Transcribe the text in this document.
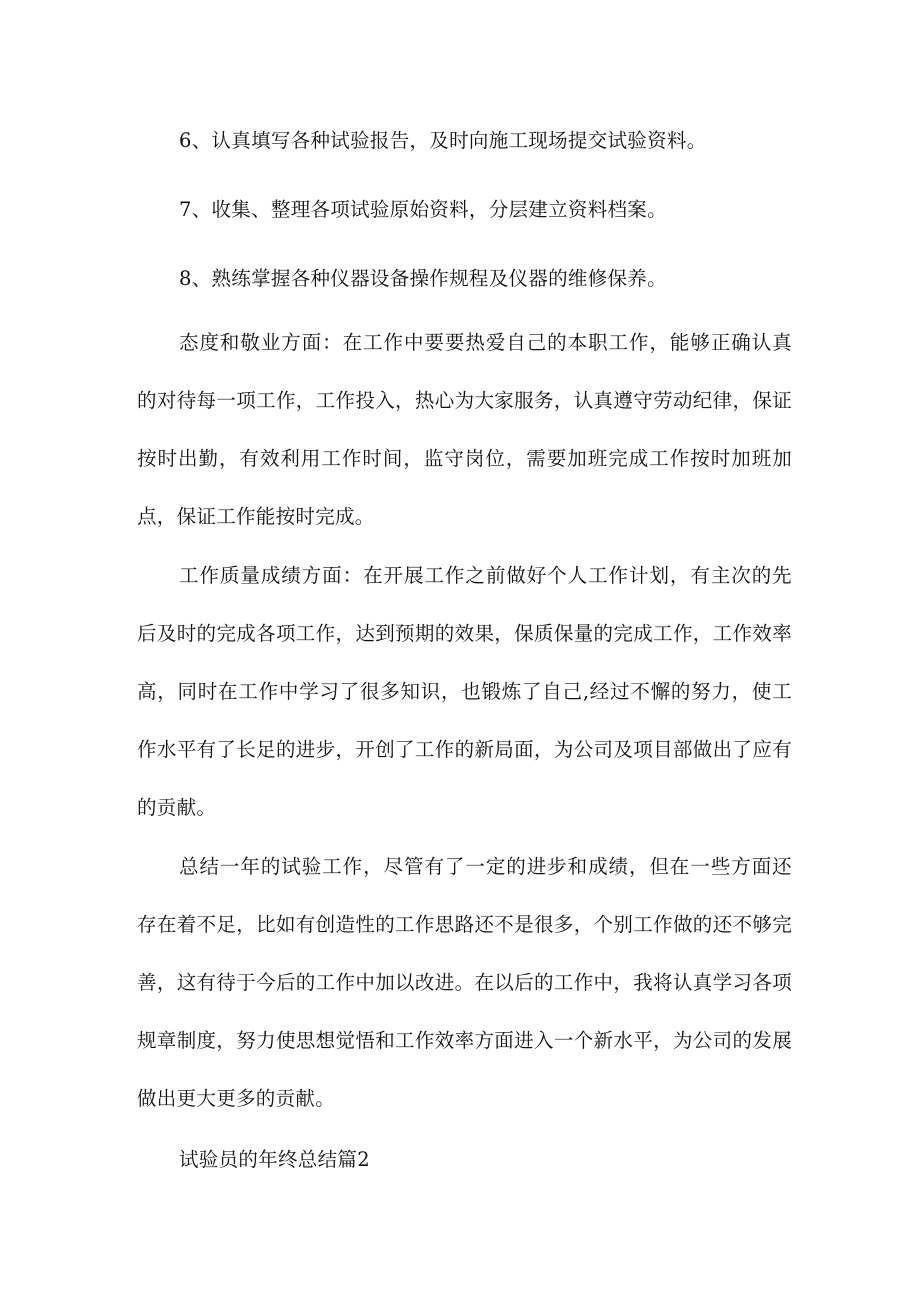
6、认真填写各种试验报告，及时向施工现场提交试验资料。
7、收集、整理各项试验原始资料，分层建立资料档案。
8、熟练掌握各种仪器设备操作规程及仪器的维修保养。
态度和敬业方面：在工作中要要热爱自己的本职工作，能够正确认真的对待每一项工作，工作投入，热心为大家服务，认真遵守劳动纪律，保证按时出勤，有效利用工作时间，监守岗位，需要加班完成工作按时加班加点，保证工作能按时完成。
工作质量成绩方面：在开展工作之前做好个人工作计划，有主次的先后及时的完成各项工作，达到预期的效果，保质保量的完成工作，工作效率高，同时在工作中学习了很多知识，也锻炼了自己,经过不懈的努力，使工作水平有了长足的进步，开创了工作的新局面，为公司及项目部做出了应有的贡献。
总结一年的试验工作，尽管有了一定的进步和成绩，但在一些方面还存在着不足，比如有创造性的工作思路还不是很多，个别工作做的还不够完善，这有待于今后的工作中加以改进。在以后的工作中，我将认真学习各项规章制度，努力使思想觉悟和工作效率方面进入一个新水平，为公司的发展做出更大更多的贡献。
试验员的年终总结篇2
